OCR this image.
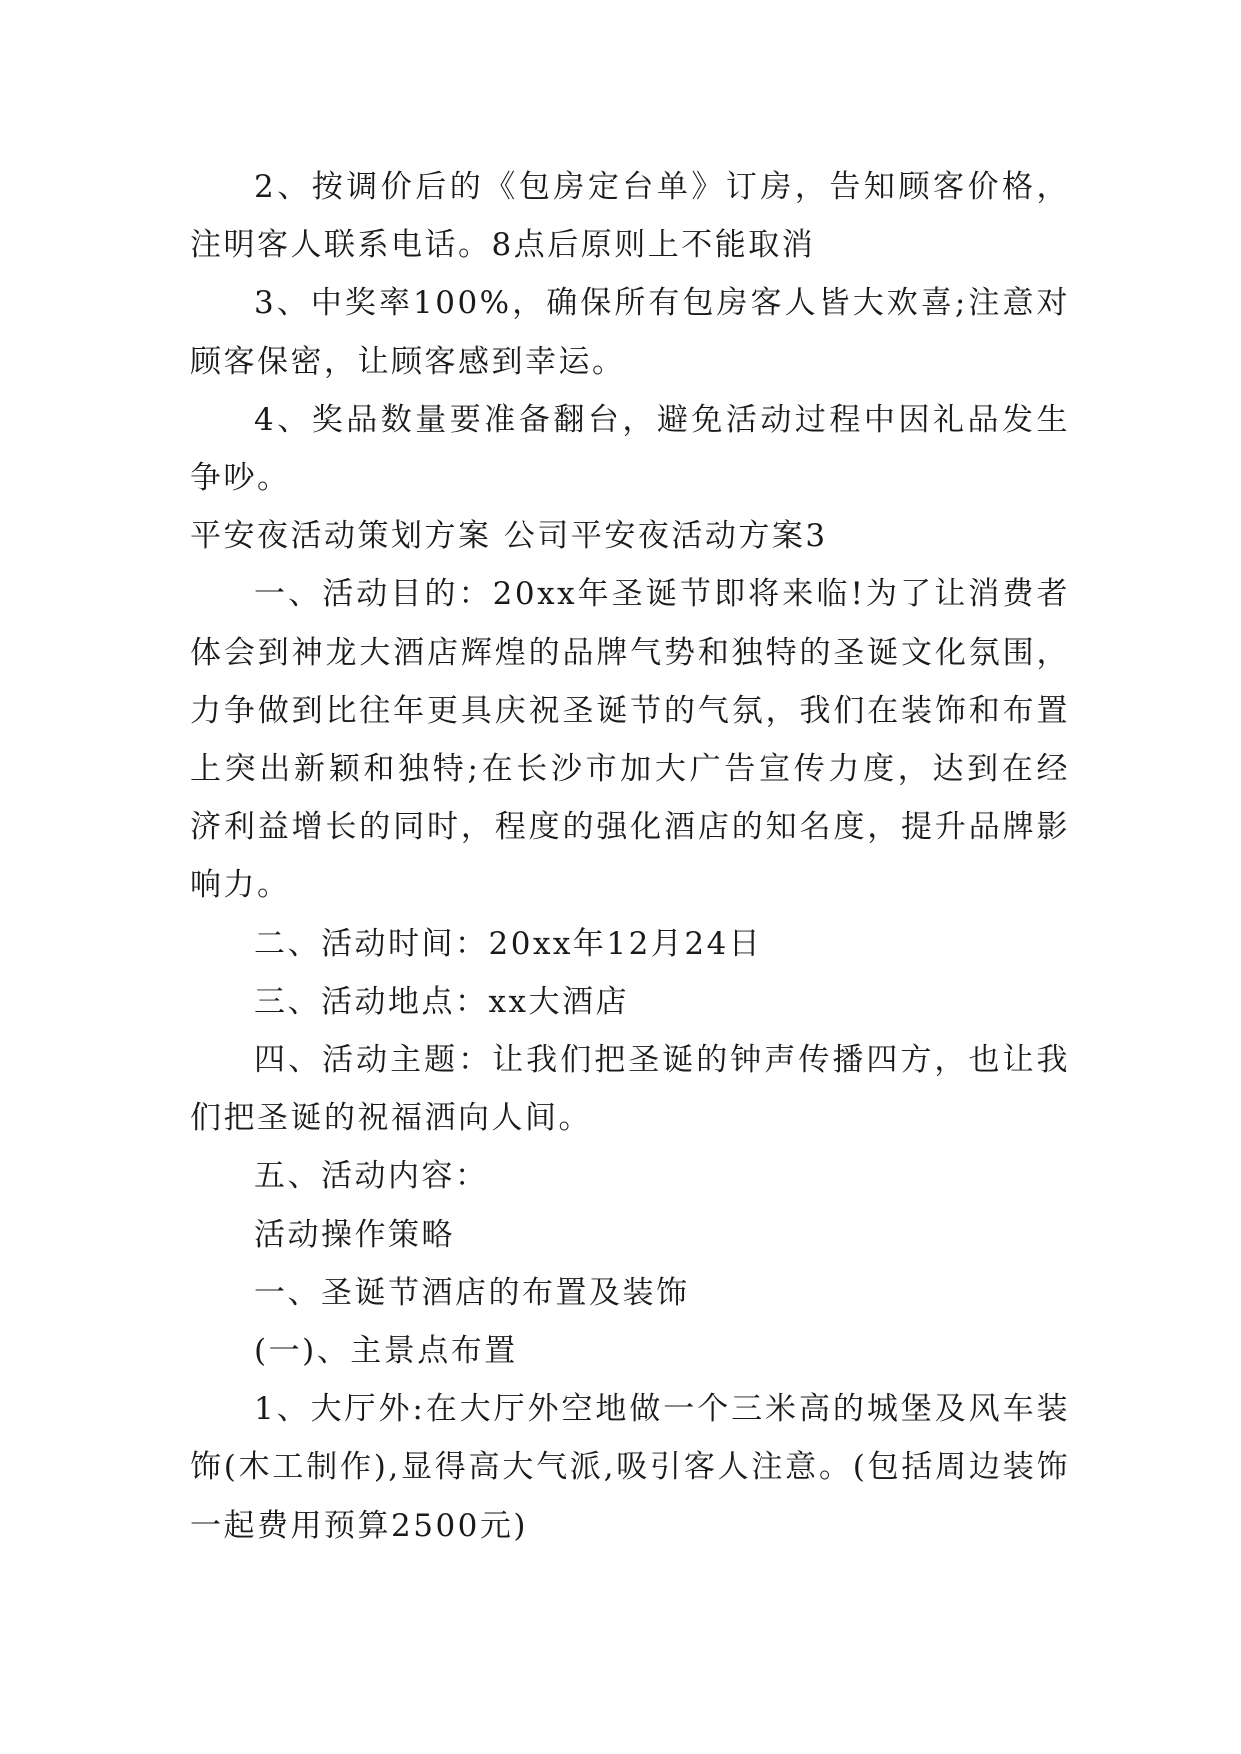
2、按调价后的《包房定台单》订房，告知顾客价格，注明客人联系电话。8点后原则上不能取消

3、中奖率100%，确保所有包房客人皆大欢喜;注意对顾客保密，让顾客感到幸运。

4、奖品数量要准备翻台，避免活动过程中因礼品发生争吵。

平安夜活动策划方案 公司平安夜活动方案3

一、活动目的：20xx年圣诞节即将来临!为了让消费者体会到神龙大酒店辉煌的品牌气势和独特的圣诞文化氛围，力争做到比往年更具庆祝圣诞节的气氛，我们在装饰和布置上突出新颖和独特;在长沙市加大广告宣传力度，达到在经济利益增长的同时，程度的强化酒店的知名度，提升品牌影响力。

二、活动时间：20xx年12月24日

三、活动地点：xx大酒店

四、活动主题：让我们把圣诞的钟声传播四方，也让我们把圣诞的祝福洒向人间。

五、活动内容：

活动操作策略

一、圣诞节酒店的布置及装饰

(一)、主景点布置

1、大厅外:在大厅外空地做一个三米高的城堡及风车装饰(木工制作),显得高大气派,吸引客人注意。(包括周边装饰一起费用预算2500元)
